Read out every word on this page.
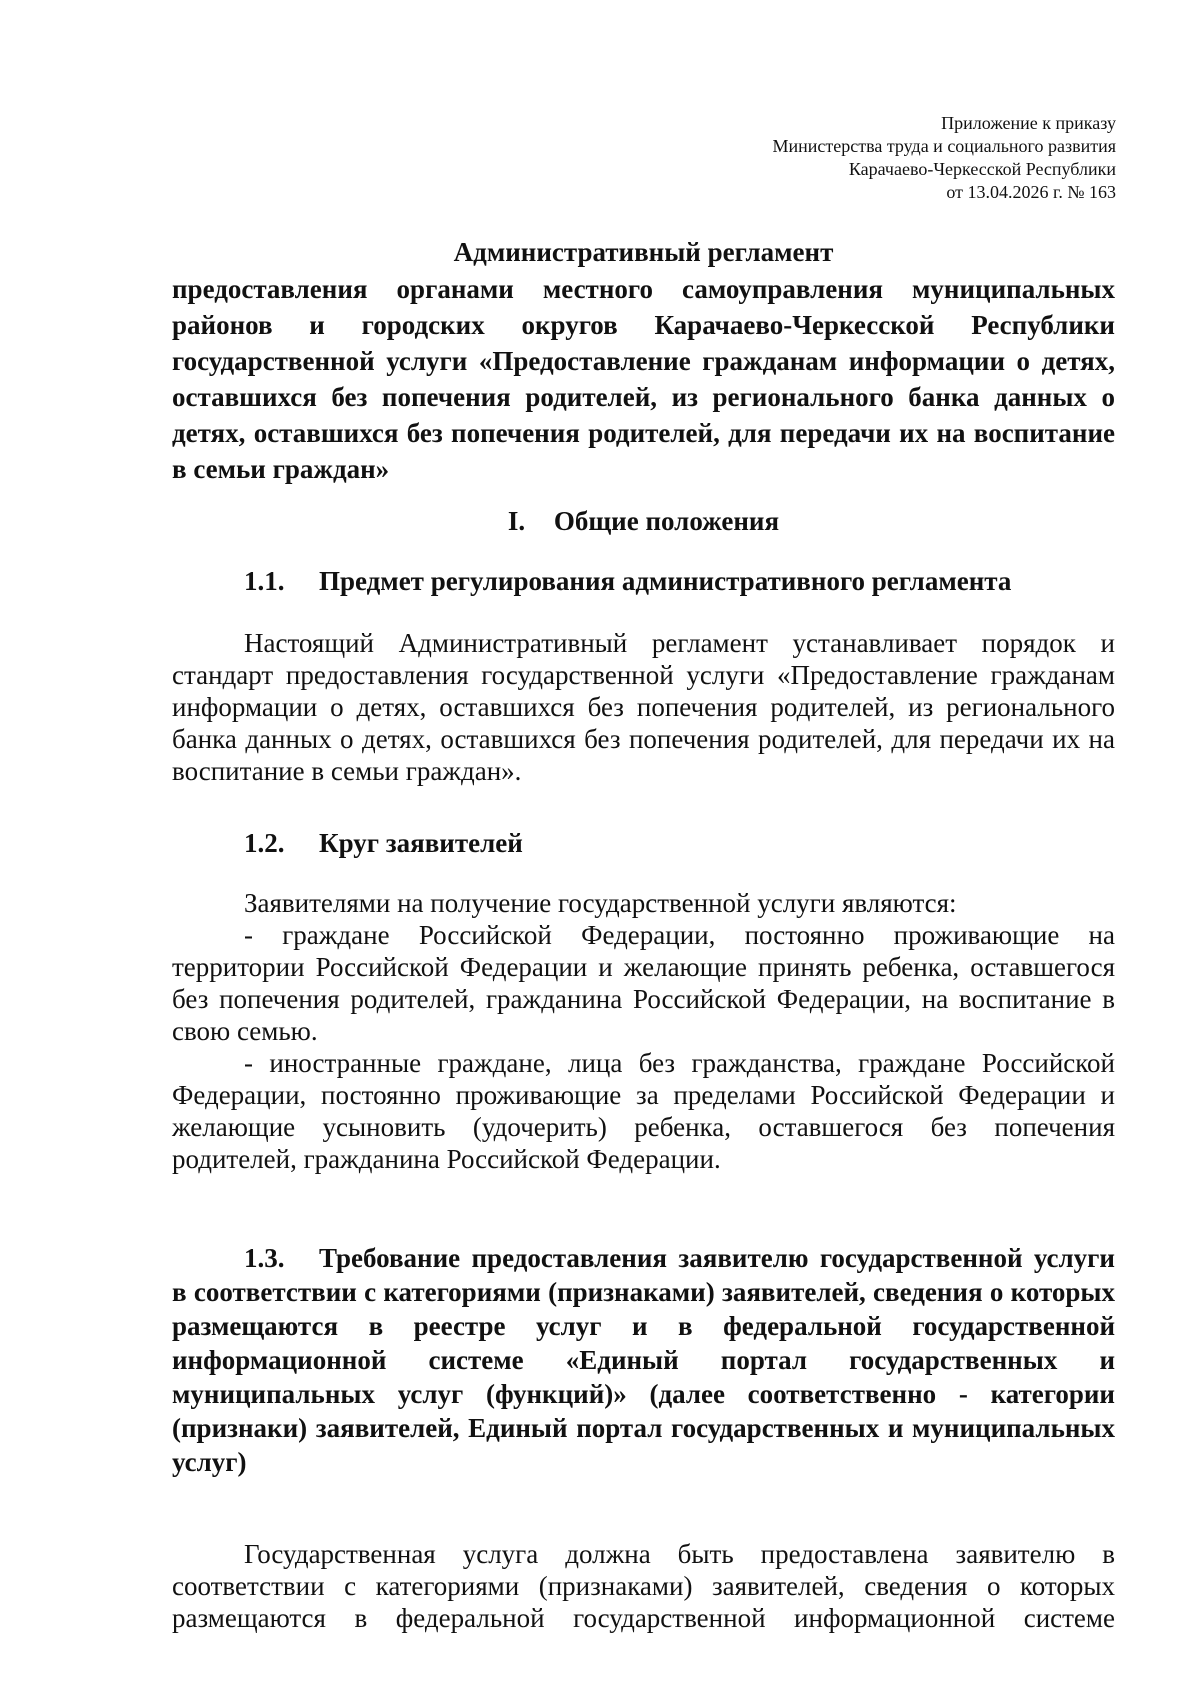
Приложение к приказу
Министерства труда и социального развития
Карачаево-Черкесской Республики
от 13.04.2026 г. № 163
Административный регламент
предоставления органами местного самоуправления муниципальных районов и городских округов Карачаево-Черкесской Республики государственной услуги «Предоставление гражданам информации о детях, оставшихся без попечения родителей, из регионального банка данных о детях, оставшихся без попечения родителей, для передачи их на воспитание в семьи граждан»
I. Общие положения
1.1. Предмет регулирования административного регламента

Настоящий Административный регламент устанавливает порядок и стандарт предоставления государственной услуги «Предоставление гражданам информации о детях, оставшихся без попечения родителей, из регионального банка данных о детях, оставшихся без попечения родителей, для передачи их на воспитание в семьи граждан».

1.2. Круг заявителей

Заявителями на получение государственной услуги являются:

- граждане Российской Федерации, постоянно проживающие на территории Российской Федерации и желающие принять ребенка, оставшегося без попечения родителей, гражданина Российской Федерации, на воспитание в свою семью.

- иностранные граждане, лица без гражданства, граждане Российской Федерации, постоянно проживающие за пределами Российской Федерации и желающие усыновить (удочерить) ребенка, оставшегося без попечения родителей, гражданина Российской Федерации.

1.3. Требование предоставления заявителю государственной услуги в соответствии с категориями (признаками) заявителей, сведения о которых размещаются в реестре услуг и в федеральной государственной информационной системе «Единый портал государственных и муниципальных услуг (функций)» (далее соответственно - категории (признаки) заявителей, Единый портал государственных и муниципальных услуг)

Государственная услуга должна быть предоставлена заявителю в соответствии с категориями (признаками) заявителей, сведения о которых размещаются в федеральной государственной информационной системе
